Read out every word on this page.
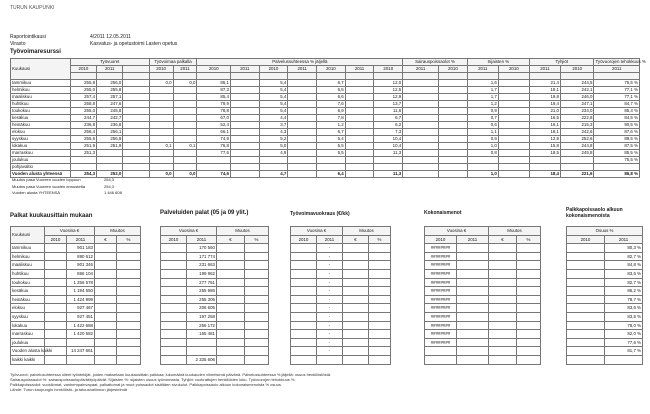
TURUN KAUPUNKI
Raportointikausi	4/2011 12.05.2011
Virasto	Kasvatus- ja opetustoimi Lasten opetus
Työvoimaresurssi
Kuukausi	Työvuoret			Työvoimaa palkalla		Palvelussuhteessa % jäljellä							Sairauspoissaolot %		Sijaisten %		Tyhjiöt		Työvuorojen tehokkuus %
	2010	2011		2010	2011	2010	2011	2010	2011	2010	2011	2010	2011	2010	2011	2010	2011	2010	2011

tammikuu	255,8	256,0		0,0	0,0	85,1		5,4		6,7		12,0			1,6		21,4	244,5	75,5 %
helmikuu	255,0	255,8				87,3		5,4		6,5		12,5			1,7		18,1	242,1	77,1 %
maaliskuu	257,4	257,1				85,4		5,4		6,6		12,9			1,7		19,8	246,0	77,1 %
huhtikuu	258,8	247,6				79,9		5,4		7,6		13,7			1,2		19,4	247,1	84,7 %
toukokuu	255,0	245,8				78,8		5,4		6,9		11,6			0,9		21,0	234,0	85,4 %
kesäkuu	244,7	242,7				67,0		4,4		7,8		6,7			0,7		16,5	222,8	84,5 %
heinäkuu	236,8	236,8				52,4		3,7		1,2		6,2			0,6		16,1	215,3	90,5 %
elokuu	256,4	256,1				66,1		4,3		6,7		7,3			1,1		18,1	242,6	87,6 %
syyskuu	255,6	256,9				74,9		5,2		5,4		10,4			0,9		12,9	252,6	89,5 %
lokakuu	251,9	251,9		0,1	0,1	76,8		5,0		5,5		10,4			1,0		15,8	244,8	87,5 %
marraskuu	251,3					77,6		4,9		5,5		11,3			0,8		18,5	245,8	85,5 %
joulukuu																			75,5 %
pohjavaltio																			
Vuoden alusta yhteensä	254,3	252,0		0,0	0,0	74,6		4,7		6,4		11,3			1,0		18,4	221,6	86,8 %
Muutos pasa Vuoreen vuoden loppuun	254,3
Muutos pasa Vuoreen vuoden ennustetta	254,3
Vuoden alusta YHTEENSÄ	1 446 608
Palkat kuukausittain mukaan	Palveluiden palat (05 ja 09 ylit.)	Työvoimavuokraus (€/kk)	Kokonaismenot	Palkkapoissaolo alkuun kokonaismenoista
Kuukausi	Vuosina €		Muutos	
	2010	2011	€	%
tammikuu		901 183		
helmikuu		890 612		
maaliskuu		901 346		
huhtikuu		866 104		
toukokuu		1 256 578		
kesäkuu		1 194 550		
heinäkuu		1 424 999		
elokuu		927 467		
syyskuu		927 451		
lokakuu		1 422 688		
marraskuu		1 420 582		
joulukuu				
Vuoden alusta kaikki		14 247 661		
kaikki kaikki				
Vuosina €		Muutos	
2010	2011	€	%
	170 560		
	171 774		
	231 663		
	199 962		
	277 751		
	255 986		
	255 305		
	206 605		
	197 268		
	256 172		
	165 481		

	2 335 606		
Vuosina €		Muutos	
2010	2011	€	%
	-		
	-		
	-		
	-		
	-		
	-		
	-		
	-		
	-		
	-		
	-		
	-		
	-		

Vuosina €		Muutos	
2010	2011	€	%
########			
########			
########			
########			
########			
########			
########			
########			
########			
########			
########			
########			

Osuus %	
2010	2011
	80,3 %
	82,7 %
	84,8 %
	83,6 %
	82,7 %
	86,2 %
	78,7 %
	83,6 %
	83,5 %
	78,0 %
	82,0 %
	77,6 %
	81,7 %

Työvuorot: palvelusuhteessa olleet työntekijät, joiden maksetaan kuukausittain palkkaa; lukumäärä kuukauden viimeisenä päivänä. Palvelussuhteessa % jäljellä: osuus henkilöstöstä.
Sairauspoissaolot %: sairauspoissaolopäivät/työpäivät. Sijaisten %: sijaisten osuus työvoimasta. Tyhjiöt: vuokrattujen henkilöiden luku. Työvuorojen tehokkuus %.
Palkkapoissaolot: vuosilomat, vanhempainvapaat, palkattomat ja muut poissaolot sisältäen sivukulut. Palkkapoissaolo alkuun kokonaismenoista % osuus.
Lähde: Turun kaupungin henkilöstö- ja taloushallinnon järjestelmät
